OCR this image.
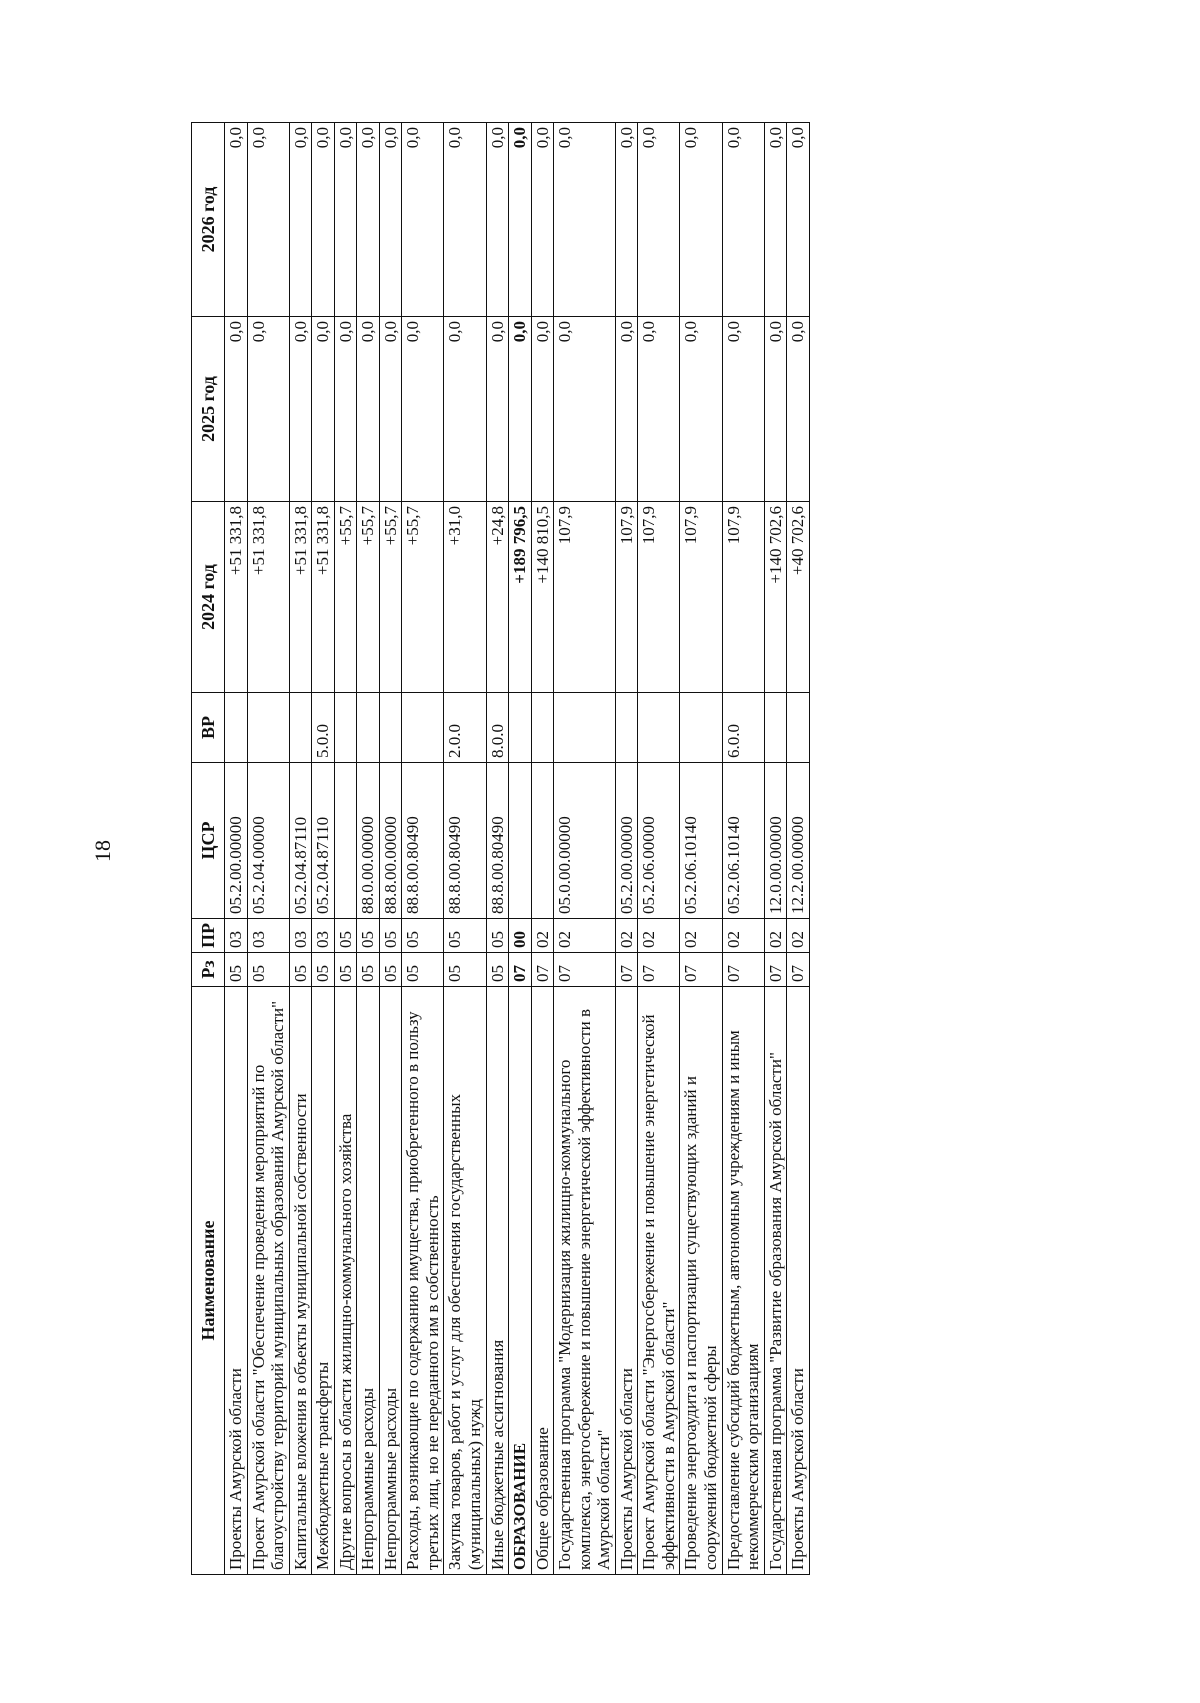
18
Наименование	Рз	ПР	ЦСР	ВР	2024 год	2025 год	2026 год
Проекты Амурской области	05	03	05.2.00.00000		+51 331,8	0,0	0,0
Проект Амурской области "Обеспечение проведения мероприятий по благоустройству территорий муниципальных образований Амурской области"	05	03	05.2.04.00000		+51 331,8	0,0	0,0
Капитальные вложения в объекты муниципальной собственности	05	03	05.2.04.87110		+51 331,8	0,0	0,0
Межбюджетные трансферты	05	03	05.2.04.87110	5.0.0	+51 331,8	0,0	0,0
Другие вопросы в области жилищно-коммунального хозяйства	05	05			+55,7	0,0	0,0
Непрограммные расходы	05	05	88.0.00.00000		+55,7	0,0	0,0
Непрограммные расходы	05	05	88.8.00.00000		+55,7	0,0	0,0
Расходы, возникающие по содержанию имущества, приобретенного в пользу третьих лиц, но не переданного им в собственность	05	05	88.8.00.80490		+55,7	0,0	0,0
Закупка товаров, работ и услуг для обеспечения государственных (муниципальных) нужд	05	05	88.8.00.80490	2.0.0	+31,0	0,0	0,0
Иные бюджетные ассигнования	05	05	88.8.00.80490	8.0.0	+24,8	0,0	0,0
ОБРАЗОВАНИЕ	07	00			+189 796,5	0,0	0,0
Общее образование	07	02			+140 810,5	0,0	0,0
Государственная программа "Модернизация жилищно-коммунального комплекса, энергосбережение и повышение энергетической эффективности в Амурской области"	07	02	05.0.00.00000		107,9	0,0	0,0
Проекты Амурской области	07	02	05.2.00.00000		107,9	0,0	0,0
Проект Амурской области "Энергосбережение и повышение энергетической эффективности в Амурской области"	07	02	05.2.06.00000		107,9	0,0	0,0
Проведение энергоаудита и паспортизации существующих зданий и сооружений бюджетной сферы	07	02	05.2.06.10140		107,9	0,0	0,0
Предоставление субсидий бюджетным, автономным учреждениям и иным некоммерческим организациям	07	02	05.2.06.10140	6.0.0	107,9	0,0	0,0
Государственная программа "Развитие образования Амурской области"	07	02	12.0.00.00000		+140 702,6	0,0	0,0
Проекты Амурской области	07	02	12.2.00.00000		+40 702,6	0,0	0,0
